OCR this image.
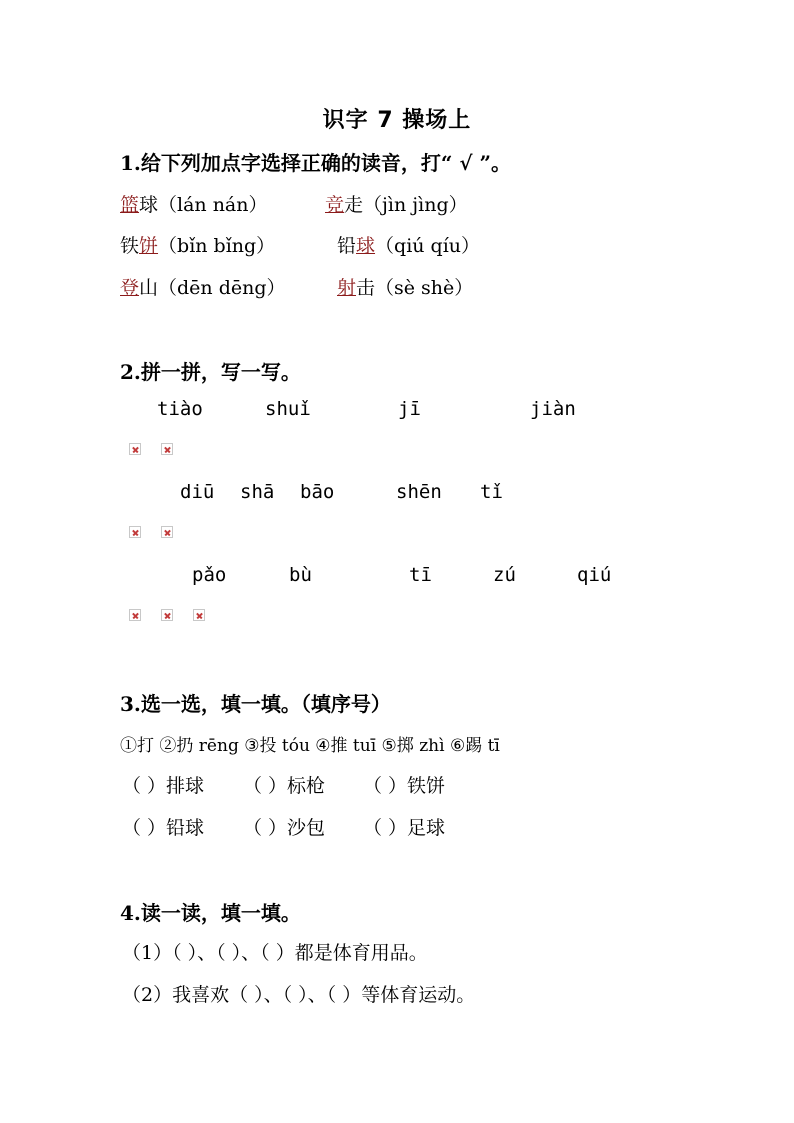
识字 7 操场上
1.给下列加点字选择正确的读音，打“ √ ”。
篮球（lán nán）	竞走（jìn jìng）
铁饼（bǐn bǐng）	铅球（qiú qíu）
登山（dēn dēng）	射击（sè shè）
2.拼一拼，写一写。
tiào	shuǐ	jī	jiàn
diū shā bāo	shēn tǐ
pǎo	bù	tī	zú	qiú
3.选一选，填一填。（填序号）
①打 ②扔 rēng ③投 tóu ④推 tuī ⑤掷 zhì ⑥踢 tī
（ ）排球 （ ）标枪 （ ）铁饼
（ ）铅球 （ ）沙包 （ ）足球
4.读一读，填一填。
（1）（ ）、（ ）、（ ）都是体育用品。
（2）我喜欢（ ）、（ ）、（ ）等体育运动。
